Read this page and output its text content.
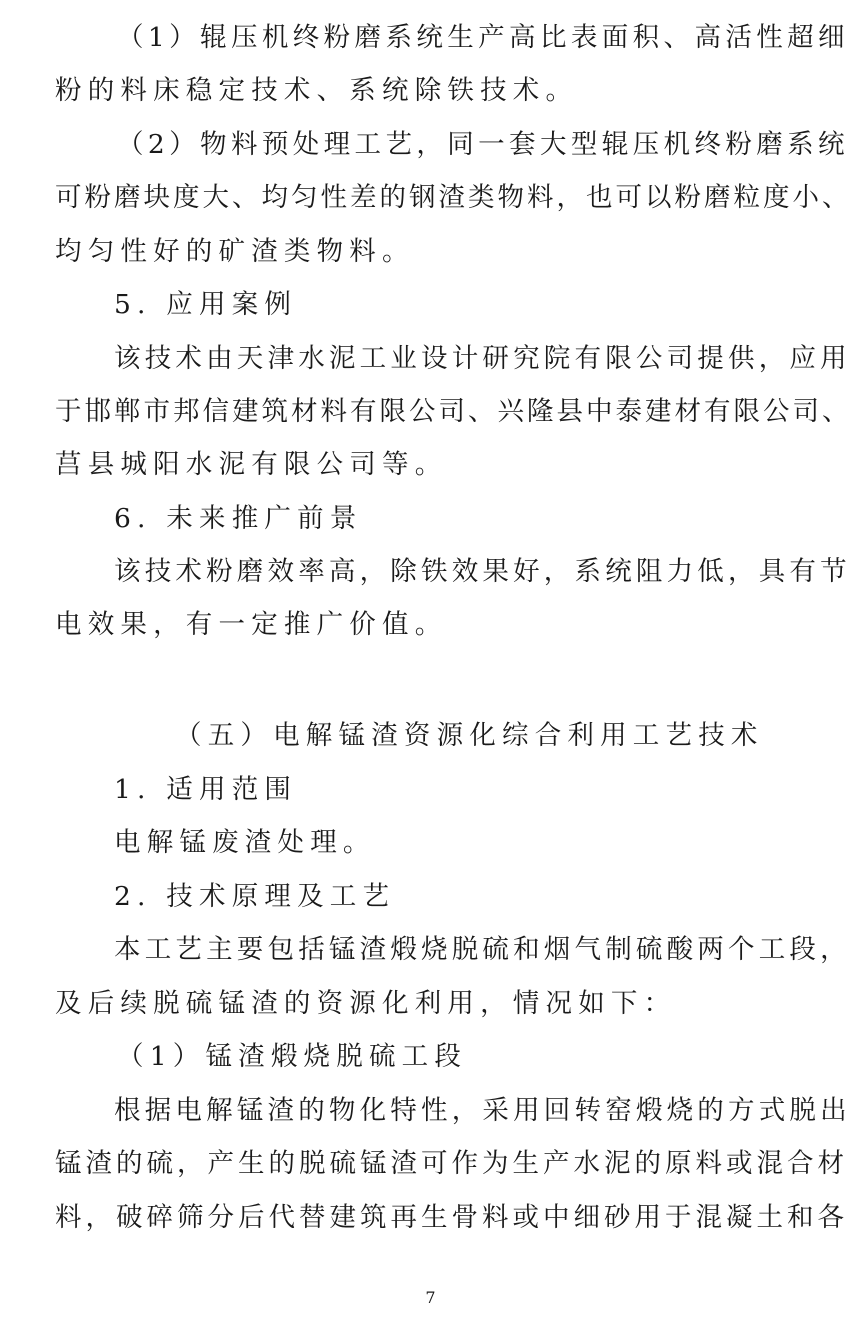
（1）辊压机终粉磨系统生产高比表面积、高活性超细
粉的料床稳定技术、系统除铁技术。
（2）物料预处理工艺，同一套大型辊压机终粉磨系统
可粉磨块度大、均匀性差的钢渣类物料，也可以粉磨粒度小、
均匀性好的矿渣类物料。
5. 应用案例
该技术由天津水泥工业设计研究院有限公司提供，应用
于邯郸市邦信建筑材料有限公司、兴隆县中泰建材有限公司、
莒县城阳水泥有限公司等。
6. 未来推广前景
该技术粉磨效率高，除铁效果好，系统阻力低，具有节
电效果，有一定推广价值。
（五）电解锰渣资源化综合利用工艺技术
1. 适用范围
电解锰废渣处理。
2. 技术原理及工艺
本工艺主要包括锰渣煅烧脱硫和烟气制硫酸两个工段，
及后续脱硫锰渣的资源化利用，情况如下：
（1）锰渣煅烧脱硫工段
根据电解锰渣的物化特性，采用回转窑煅烧的方式脱出
锰渣的硫，产生的脱硫锰渣可作为生产水泥的原料或混合材
料，破碎筛分后代替建筑再生骨料或中细砂用于混凝土和各
7
